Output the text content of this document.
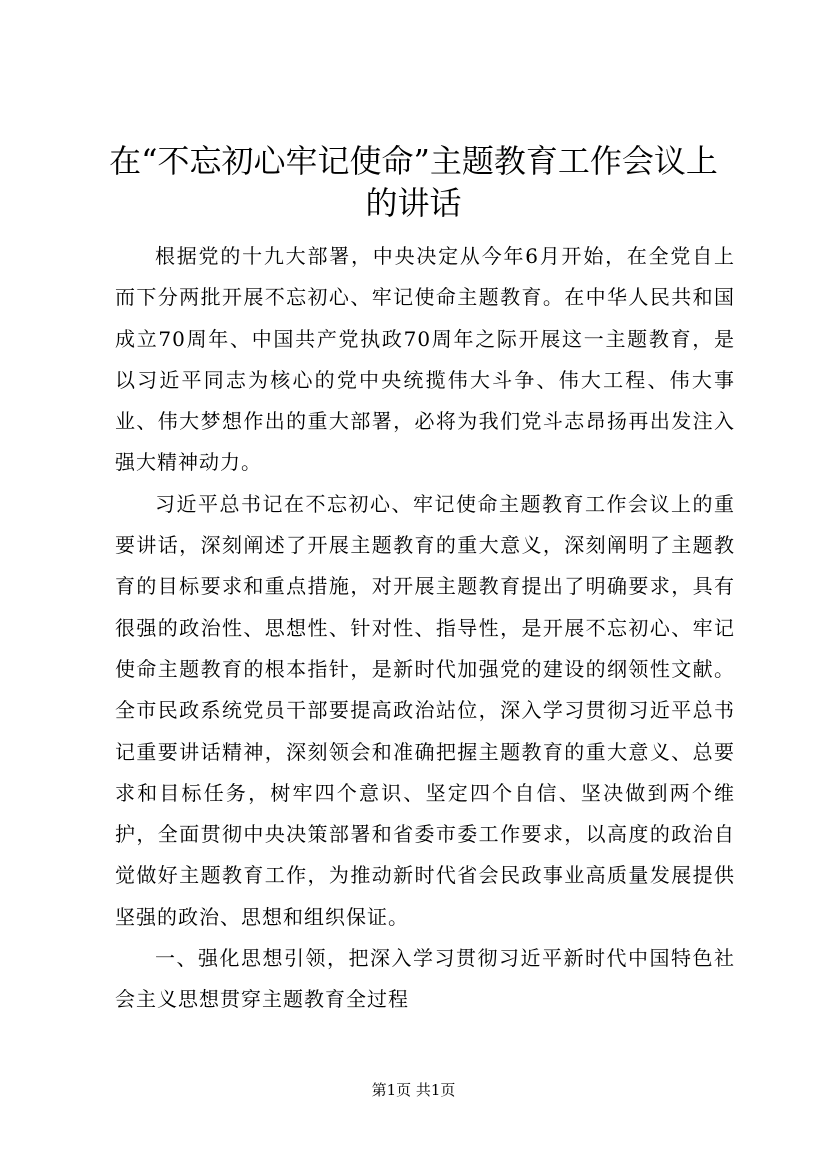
在“不忘初心牢记使命”主题教育工作会议上的讲话

根据党的十九大部署，中央决定从今年6月开始，在全党自上而下分两批开展不忘初心、牢记使命主题教育。在中华人民共和国成立70周年、中国共产党执政70周年之际开展这一主题教育，是以习近平同志为核心的党中央统揽伟大斗争、伟大工程、伟大事业、伟大梦想作出的重大部署，必将为我们党斗志昂扬再出发注入强大精神动力。

习近平总书记在不忘初心、牢记使命主题教育工作会议上的重要讲话，深刻阐述了开展主题教育的重大意义，深刻阐明了主题教育的目标要求和重点措施，对开展主题教育提出了明确要求，具有很强的政治性、思想性、针对性、指导性，是开展不忘初心、牢记使命主题教育的根本指针，是新时代加强党的建设的纲领性文献。全市民政系统党员干部要提高政治站位，深入学习贯彻习近平总书记重要讲话精神，深刻领会和准确把握主题教育的重大意义、总要求和目标任务，树牢四个意识、坚定四个自信、坚决做到两个维护，全面贯彻中央决策部署和省委市委工作要求，以高度的政治自觉做好主题教育工作，为推动新时代省会民政事业高质量发展提供坚强的政治、思想和组织保证。

一、强化思想引领，把深入学习贯彻习近平新时代中国特色社会主义思想贯穿主题教育全过程

第1页 共1页
